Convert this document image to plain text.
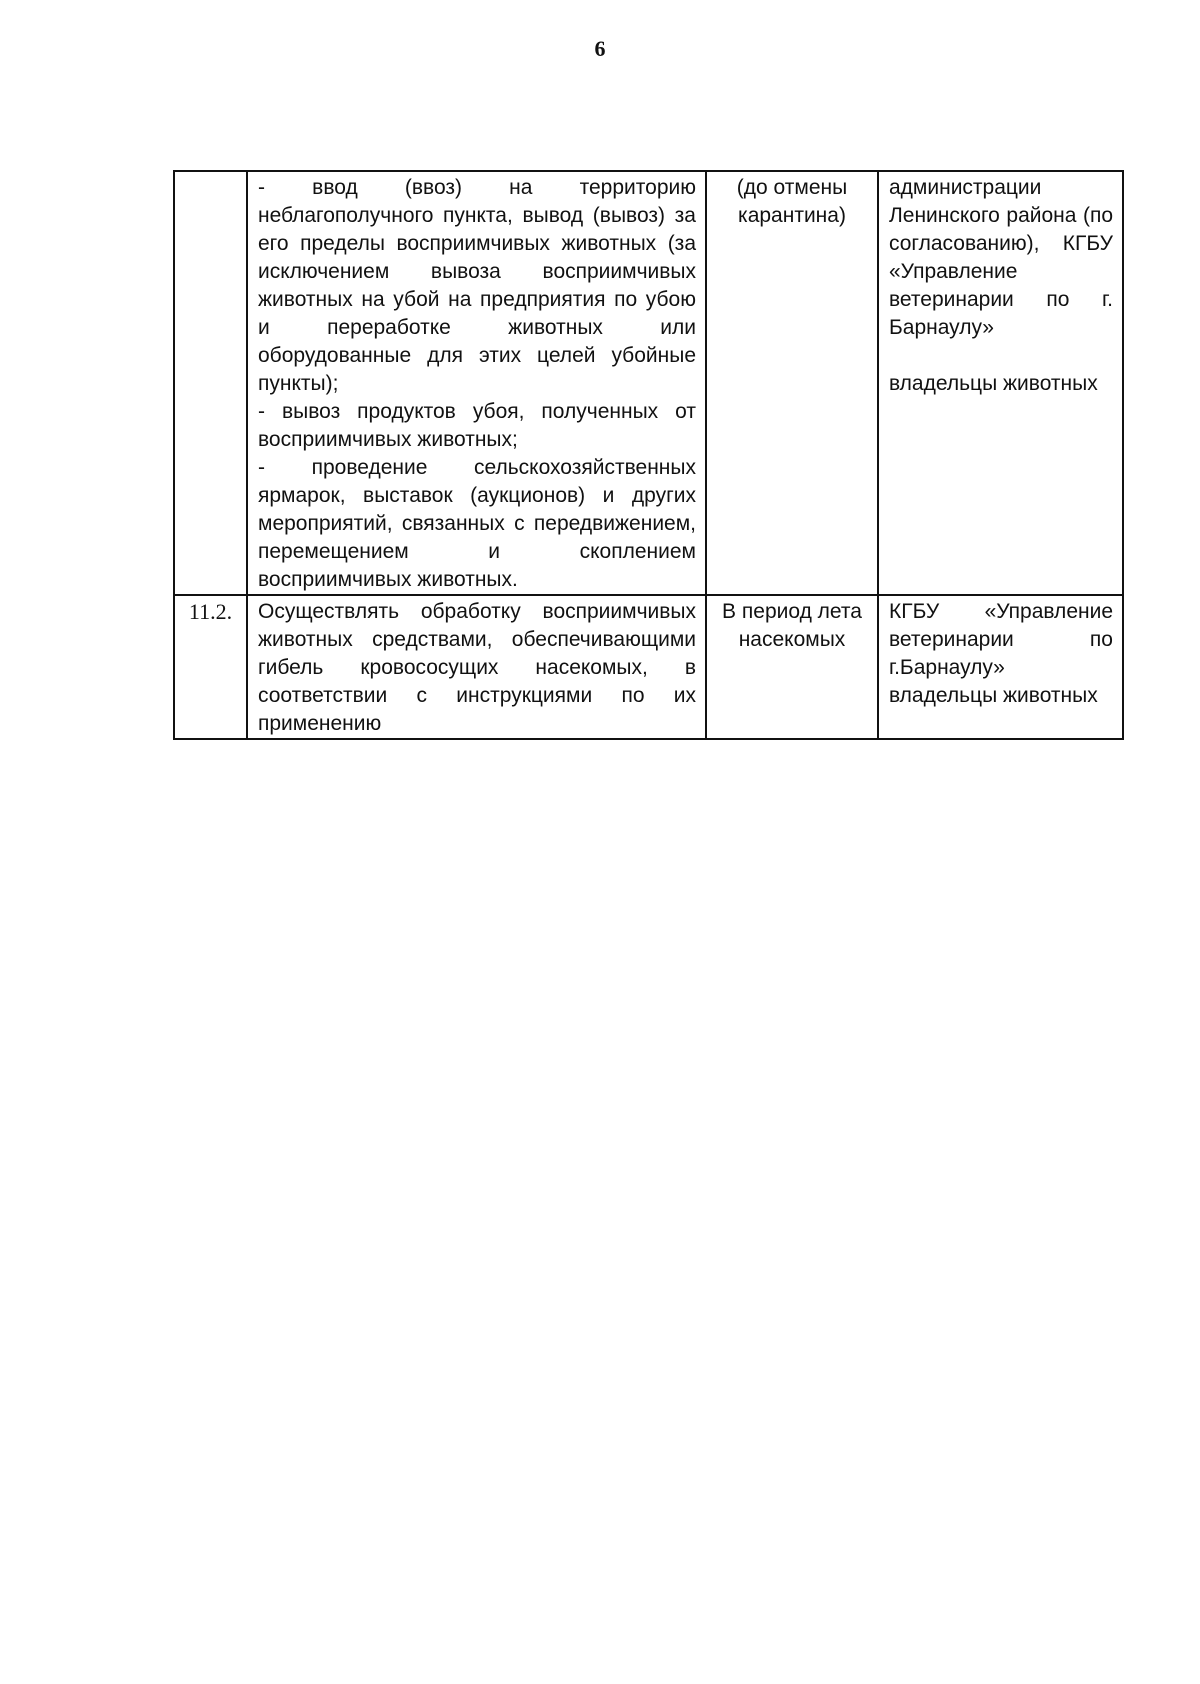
6

	- ввод (ввоз) на территорию неблагополучного пункта, вывод (вывоз) за его пределы восприимчивых животных (за исключением вывоза восприимчивых животных на убой на предприятия по убою и переработке животных или оборудованные для этих целей убойные пункты);
- вывоз продуктов убоя, полученных от восприимчивых животных;
- проведение сельскохозяйственных ярмарок, выставок (аукционов) и других мероприятий, связанных с передвижением, перемещением и скоплением восприимчивых животных.	(до отмены карантина)	администрации Ленинского района (по согласованию), КГБУ «Управление ветеринарии по г. Барнаулу»
владельцы животных

11.2.	Осуществлять обработку восприимчивых животных средствами, обеспечивающими гибель кровососущих насекомых, в соответствии с инструкциями по их применению	В период лета насекомых	КГБУ «Управление ветеринарии по г.Барнаулу»
владельцы животных
